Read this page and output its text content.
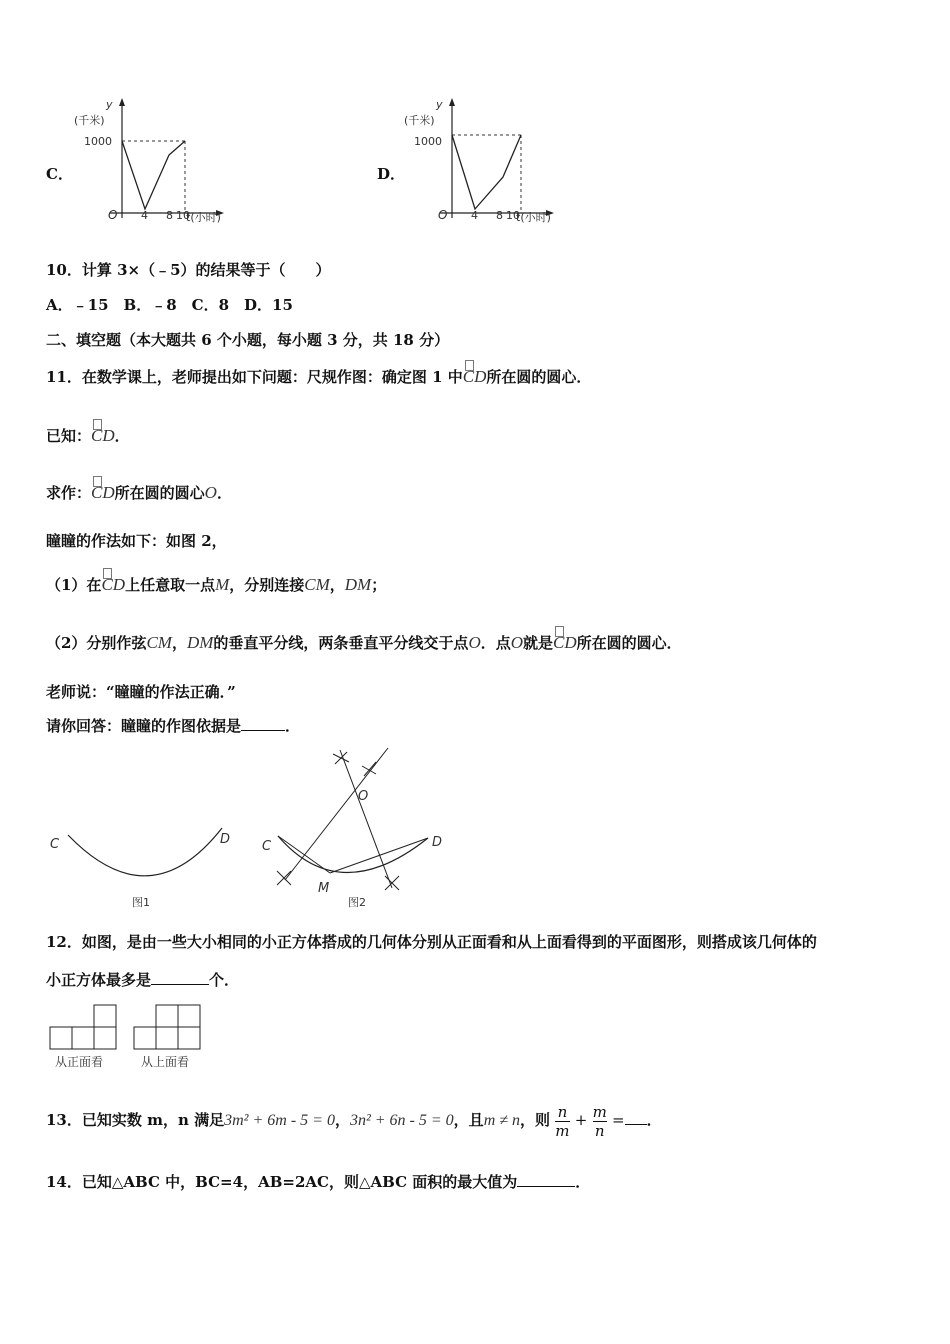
C．
y
(千米)
1000
O 4 8 10
t(小时)
D．
y
(千米)
1000
O 4 8 10
t(小时)
10．计算 3×（﹣5）的结果等于（　　）
A．﹣15　B．﹣8　C．8　D．15
二、填空题（本大题共 6 个小题，每小题 3 分，共 18 分）
11．在数学课上，老师提出如下问题：尺规作图：确定图 1 中CD所在圆的圆心．
已知：CD．
求作：CD所在圆的圆心O．
瞳瞳的作法如下：如图 2，
（1）在CD上任意取一点M，分别连接CM，DM；
（2）分别作弦CM，DM的垂直平分线，两条垂直平分线交于点O．点O就是CD所在圆的圆心．
老师说：“瞳瞳的作法正确．”
请你回答：瞳瞳的作图依据是	．
C	D
图1
C	D
M
O
图2
12．如图，是由一些大小相同的小正方体搭成的几何体分别从正面看和从上面看得到的平面图形，则搭成该几何体的
小正方体最多是	个．
从正面看	从上面看
13．已知实数 m，n 满足3m² + 6m - 5 = 0，3n² + 6n - 5 = 0，且m ≠ n，则 $\frac{n}{m} + \frac{m}{n}$ = ．
14．已知△ABC 中，BC=4，AB=2AC，则△ABC 面积的最大值为	．
